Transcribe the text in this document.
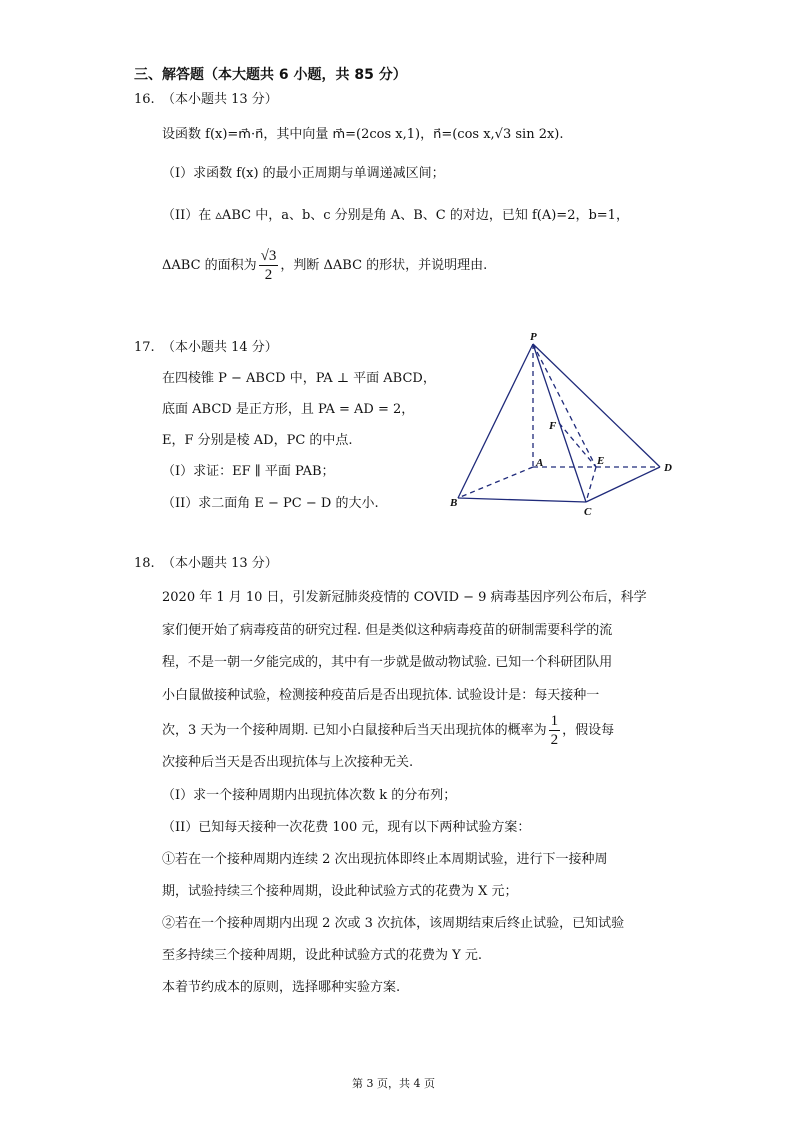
三、解答题（本大题共 6 小题，共 85 分）
16. （本小题共 13 分）
设函数 f(x)=m⃗·n⃗，其中向量 m⃗=(2cos x,1)，n⃗=(cos x,√3 sin 2x).
（I）求函数 f(x) 的最小正周期与单调递减区间；
（II）在 ▵ABC 中，a、b、c 分别是角 A、B、C 的对边，已知 f(A)=2，b=1，
ΔABC 的面积为 $\frac{√3}{2}$ ，判断 ΔABC 的形状，并说明理由.
17. （本小题共 14 分）
在四棱锥 P − ABCD 中，PA ⊥ 平面 ABCD，
底面 ABCD 是正方形，且 PA = AD = 2，
E，F 分别是棱 AD，PC 的中点.
（I）求证：EF ∥ 平面 PAB；
（II）求二面角 E − PC − D 的大小.
P
A
B
C
D
E
F
18. （本小题共 13 分）
2020 年 1 月 10 日，引发新冠肺炎疫情的 COVID − 9 病毒基因序列公布后，科学
家们便开始了病毒疫苗的研究过程. 但是类似这种病毒疫苗的研制需要科学的流
程，不是一朝一夕能完成的，其中有一步就是做动物试验. 已知一个科研团队用
小白鼠做接种试验，检测接种疫苗后是否出现抗体. 试验设计是：每天接种一
次，3 天为一个接种周期. 已知小白鼠接种后当天出现抗体的概率为 $\frac{1}{2}$ ，假设每
次接种后当天是否出现抗体与上次接种无关.
（I）求一个接种周期内出现抗体次数 k 的分布列；
（II）已知每天接种一次花费 100 元，现有以下两种试验方案：
①若在一个接种周期内连续 2 次出现抗体即终止本周期试验，进行下一接种周
期，试验持续三个接种周期，设此种试验方式的花费为 X 元；
②若在一个接种周期内出现 2 次或 3 次抗体，该周期结束后终止试验，已知试验
至多持续三个接种周期，设此种试验方式的花费为 Y 元.
本着节约成本的原则，选择哪种实验方案.
第 3 页，共 4 页
